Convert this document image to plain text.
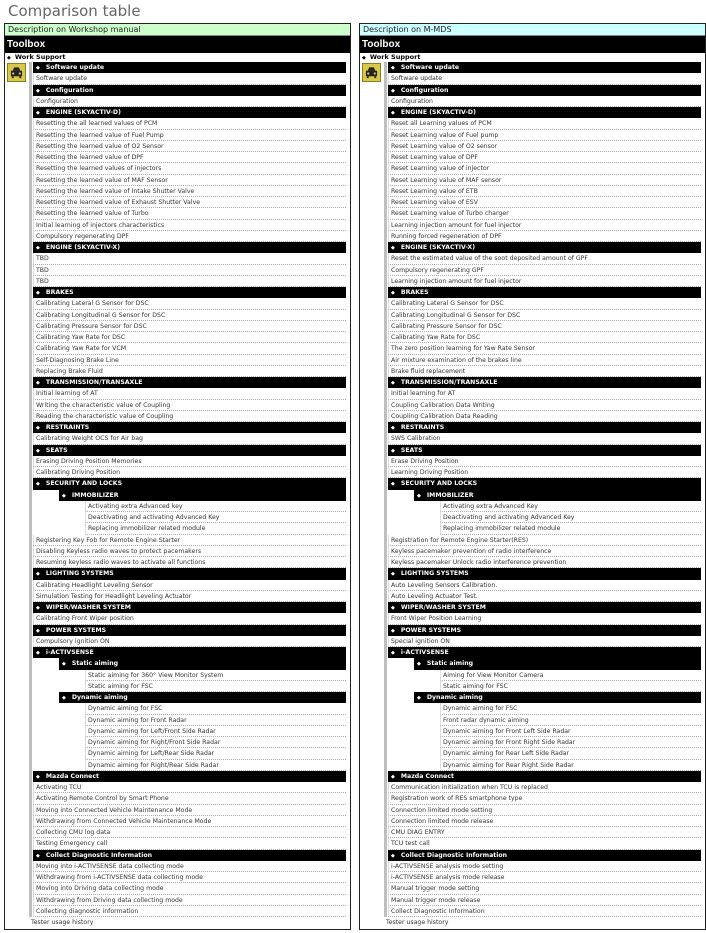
Comparison table
Description on Workshop manual
Toolbox
◆ Work Support
◆ Software update
Software update
◆ Configuration
Configuration
◆ ENGINE (SKYACTIV-D)
Resetting the all learned values of PCM
Resetting the learned value of Fuel Pump
Resetting the learned value of O2 Sensor
Resetting the learned value of DPF
Resetting the learned values of injectors
Resetting the learned value of MAF Sensor
Resetting the learned value of Intake Shutter Valve
Resetting the learned value of Exhaust Shutter Valve
Resetting the learned value of Turbo
Initial learning of injectors characteristics
Compulsory regenerating DPF
◆ ENGINE (SKYACTIV-X)
TBD
TBD
TBD
◆ BRAKES
Calibrating Lateral G Sensor for DSC
Calibrating Longitudinal G Sensor for DSC
Calibrating Pressure Sensor for DSC
Calibrating Yaw Rate for DSC
Calibrating Yaw Rate for VCM
Self-Diagnosing Brake Line
Replacing Brake Fluid
◆ TRANSMISSION/TRANSAXLE
Initial learning of AT
Writing the characteristic value of Coupling
Reading the characteristic value of Coupling
◆ RESTRAINTS
Calibrating Weight OCS for Air bag
◆ SEATS
Erasing Driving Position Memories
Calibrating Driving Position
◆ SECURITY AND LOCKS
◆ IMMOBILIZER
Activating extra Advanced key
Deactivating and activating Advanced Key
Replacing immobilizer related module
Registering Key Fob for Remote Engine Starter
Disabling Keyless radio waves to protect pacemakers
Resuming keyless radio waves to activate all functions
◆ LIGHTING SYSTEMS
Calibrating Headlight Leveling Sensor
Simulation Testing for Headlight Leveling Actuator
◆ WIPER/WASHER SYSTEM
Calibrating Front Wiper position
◆ POWER SYSTEMS
Compulsory ignition ON
◆ i-ACTIVSENSE
◆ Static aiming
Static aiming for 360° View Monitor System
Static aiming for FSC
◆ Dynamic aiming
Dynamic aiming for FSC
Dynamic aiming for Front Radar
Dynamic aiming for Left/Front Side Radar
Dynamic aiming for Right/Front Side Radar
Dynamic aiming for Left/Rear Side Radar
Dynamic aiming for Right/Rear Side Radar
◆ Mazda Connect
Activating TCU
Activating Remote Control by Smart Phone
Moving into Connected Vehicle Maintenance Mode
Withdrawing from Connected Vehicle Maintenance Mode
Collecting CMU log data
Testing Emergency call
◆ Collect Diagnostic Information
Moving into i-ACTIVSENSE data collecting mode
Withdrawing from i-ACTIVSENSE data collecting mode
Moving into Driving data collecting mode
Withdrawing from Driving data collecting mode
Collecting diagnostic information
Tester usage history
Description on M-MDS
Toolbox
◆ Work Support
◆ Software update
Software update
◆ Configuration
Configuration
◆ ENGINE (SKYACTIV-D)
Reset all Learning values of PCM
Reset Learning value of Fuel pump
Reset Learning value of O2 sensor
Reset Learning value of DPF
Reset Learning value of injector
Reset Learning value of MAF sensor
Reset Learning value of ETB
Reset Learning value of ESV
Reset Learning value of Turbo charger
Learning injection amount for fuel injector
Running forced regeneration of DPF
◆ ENGINE (SKYACTIV-X)
Reset the estimated value of the soot deposited amount of GPF
Compulsory regenerating GPF
Learning injection amount for fuel injector
◆ BRAKES
Calibrating Lateral G Sensor for DSC
Calibrating Longitudinal G Sensor for DSC
Calibrating Pressure Sensor for DSC
Calibrating Yaw Rate for DSC
The zero position learning for Yaw Rate Sensor
Air mixture examination of the brakes line
Brake fluid replacement
◆ TRANSMISSION/TRANSAXLE
Initial learning for AT
Coupling Calibration Data Writing
Coupling Calibration Data Reading
◆ RESTRAINTS
SWS Calibration
◆ SEATS
Erase Driving Position
Learning Driving Position
◆ SECURITY AND LOCKS
◆ IMMOBILIZER
Activating extra Advanced Key
Deactivating and activating Advanced Key
Replacing immobilizer related module
Registration for Remote Engine Starter(RES)
Keyless pacemaker prevention of radio interference
Keyless pacemaker Unlock radio interference prevention
◆ LIGHTING SYSTEMS
Auto Leveling Sensors Calibration.
Auto Leveling Actuator Test.
◆ WIPER/WASHER SYSTEM
Front Wiper Position Learning
◆ POWER SYSTEMS
Special ignition ON
◆ i-ACTIVSENSE
◆ Static aiming
Aiming for View Monitor Camera
Static aiming for FSC
◆ Dynamic aiming
Dynamic aiming for FSC
Front radar dynamic aiming
Dynamic aiming for Front Left Side Radar
Dynamic aiming for Front Right Side Radar
Dynamic aiming for Rear Left Side Radar
Dynamic aiming for Rear Right Side Radar
◆ Mazda Connect
Communication initialization when TCU is replaced
Registration work of RES smartphone type
Connection limited mode setting
Connection limited mode release
CMU DIAG ENTRY
TCU test call
◆ Collect Diagnostic Information
i-ACTIVSENSE analysis mode setting
i-ACTIVSENSE analysis mode release
Manual trigger mode setting
Manual trigger mode release
Collect Diagnostic Information
Tester usage history
